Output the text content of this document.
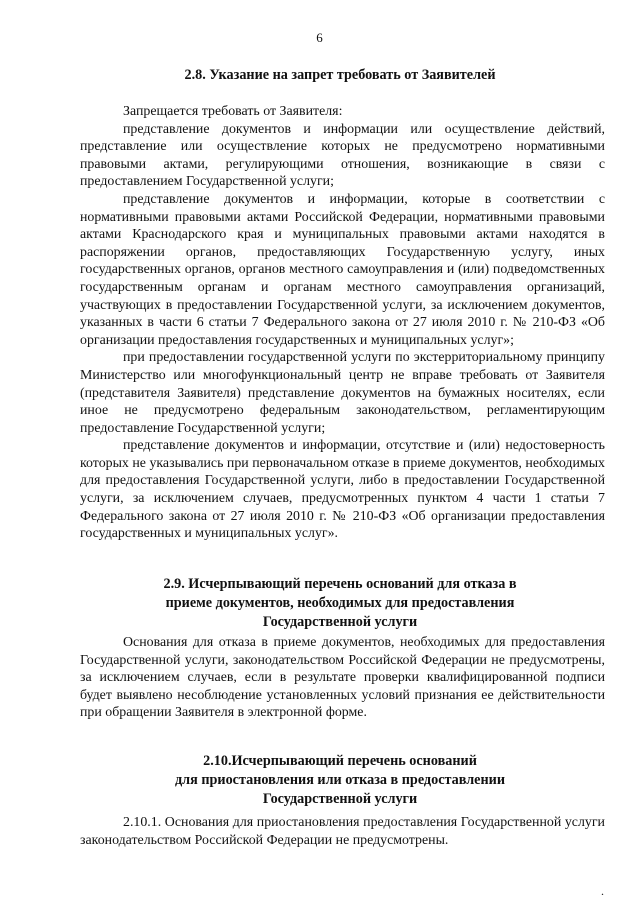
6
2.8. Указание на запрет требовать от Заявителей

Запрещается требовать от Заявителя:

представление документов и информации или осуществление действий, представление или осуществление которых не предусмотрено нормативными правовыми актами, регулирующими отношения, возникающие в связи с предоставлением Государственной услуги;

представление документов и информации, которые в соответствии с нормативными правовыми актами Российской Федерации, нормативными правовыми актами Краснодарского края и муниципальных правовыми актами находятся в распоряжении органов, предоставляющих Государственную услугу, иных государственных органов, органов местного самоуправления и (или) подведомственных государственным органам и органам местного самоуправления организаций, участвующих в предоставлении Государственной услуги, за исключением документов, указанных в части 6 статьи 7 Федерального закона от 27 июля 2010 г. № 210-ФЗ «Об организации предоставления государственных и муниципальных услуг»;

при предоставлении государственной услуги по экстерриториальному принципу Министерство или многофункциональный центр не вправе требовать от Заявителя (представителя Заявителя) представление документов на бумажных носителях, если иное не предусмотрено федеральным законодательством, регламентирующим предоставление Государственной услуги;

представление документов и информации, отсутствие и (или) недостоверность которых не указывались при первоначальном отказе в приеме документов, необходимых для предоставления Государственной услуги, либо в предоставлении Государственной услуги, за исключением случаев, предусмотренных пунктом 4 части 1 статьи 7 Федерального закона от 27 июля 2010 г. № 210-ФЗ «Об организации предоставления государственных и муниципальных услуг».

2.9. Исчерпывающий перечень оснований для отказа в
приеме документов, необходимых для предоставления
Государственной услуги

Основания для отказа в приеме документов, необходимых для предоставления Государственной услуги, законодательством Российской Федерации не предусмотрены, за исключением случаев, если в результате проверки квалифицированной подписи будет выявлено несоблюдение установленных условий признания ее действительности при обращении Заявителя в электронной форме.

2.10.Исчерпывающий перечень оснований
для приостановления или отказа в предоставлении
Государственной услуги

2.10.1. Основания для приостановления предоставления Государственной услуги законодательством Российской Федерации не предусмотрены.

.
